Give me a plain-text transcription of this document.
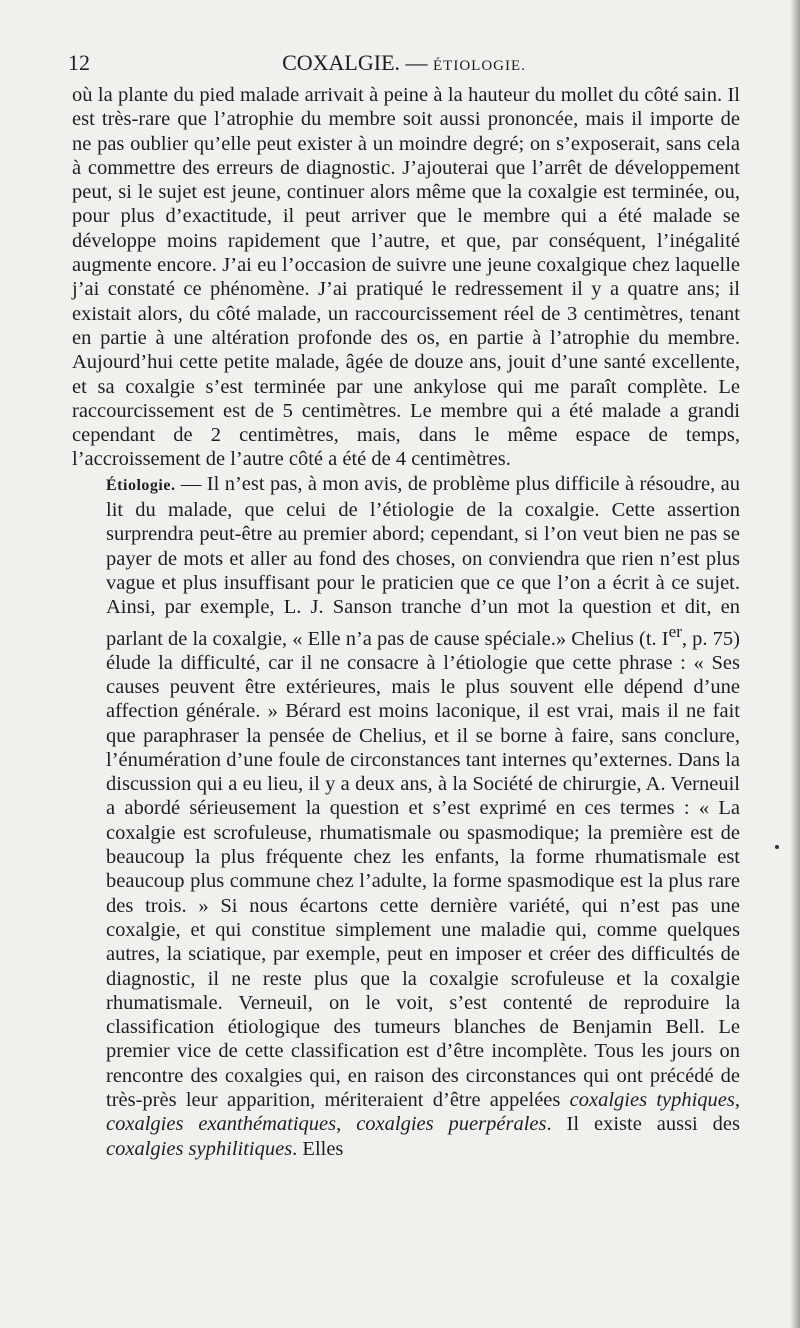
12	COXALGIE. — ÉTIOLOGIE.

où la plante du pied malade arrivait à peine à la hauteur du mollet du côté sain. Il est très-rare que l’atrophie du membre soit aussi prononcée, mais il importe de ne pas oublier qu’elle peut exister à un moindre degré; on s’exposerait, sans cela à commettre des erreurs de diagnostic. J’ajouterai que l’arrêt de développement peut, si le sujet est jeune, continuer alors même que la coxalgie est terminée, ou, pour plus d’exactitude, il peut arriver que le membre qui a été malade se développe moins rapidement que l’autre, et que, par conséquent, l’inégalité augmente encore. J’ai eu l’occasion de suivre une jeune coxalgique chez laquelle j’ai constaté ce phénomène. J’ai pratiqué le redressement il y a quatre ans; il existait alors, du côté malade, un raccourcissement réel de 3 centimètres, tenant en partie à une altération profonde des os, en partie à l’atrophie du membre. Aujourd’hui cette petite malade, âgée de douze ans, jouit d’une santé excellente, et sa coxalgie s’est terminée par une ankylose qui me paraît complète. Le raccourcissement est de 5 centimètres. Le membre qui a été malade a grandi cependant de 2 centimètres, mais, dans le même espace de temps, l’accroissement de l’autre côté a été de 4 centimètres.

Étiologie. — Il n’est pas, à mon avis, de problème plus difficile à résoudre, au lit du malade, que celui de l’étiologie de la coxalgie. Cette assertion surprendra peut-être au premier abord; cependant, si l’on veut bien ne pas se payer de mots et aller au fond des choses, on conviendra que rien n’est plus vague et plus insuffisant pour le praticien que ce que l’on a écrit à ce sujet. Ainsi, par exemple, L. J. Sanson tranche d’un mot la question et dit, en parlant de la coxalgie, « Elle n’a pas de cause spéciale.» Chelius (t. Ier, p. 75) élude la difficulté, car il ne consacre à l’étiologie que cette phrase : « Ses causes peuvent être extérieures, mais le plus souvent elle dépend d’une affection générale. » Bérard est moins laconique, il est vrai, mais il ne fait que paraphraser la pensée de Chelius, et il se borne à faire, sans conclure, l’énumération d’une foule de circonstances tant internes qu’externes. Dans la discussion qui a eu lieu, il y a deux ans, à la Société de chirurgie, A. Verneuil a abordé sérieusement la question et s’est exprimé en ces termes : « La coxalgie est scrofuleuse, rhumatismale ou spasmodique; la première est de beaucoup la plus fréquente chez les enfants, la forme rhumatismale est beaucoup plus commune chez l’adulte, la forme spasmodique est la plus rare des trois. » Si nous écartons cette dernière variété, qui n’est pas une coxalgie, et qui constitue simplement une maladie qui, comme quelques autres, la sciatique, par exemple, peut en imposer et créer des difficultés de diagnostic, il ne reste plus que la coxalgie scrofuleuse et la coxalgie rhumatismale. Verneuil, on le voit, s’est contenté de reproduire la classification étiologique des tumeurs blanches de Benjamin Bell. Le premier vice de cette classification est d’être incomplète. Tous les jours on rencontre des coxalgies qui, en raison des circonstances qui ont précédé de très-près leur apparition, mériteraient d’être appelées coxalgies typhiques, coxalgies exanthématiques, coxalgies puerpérales. Il existe aussi des coxalgies syphilitiques. Elles
